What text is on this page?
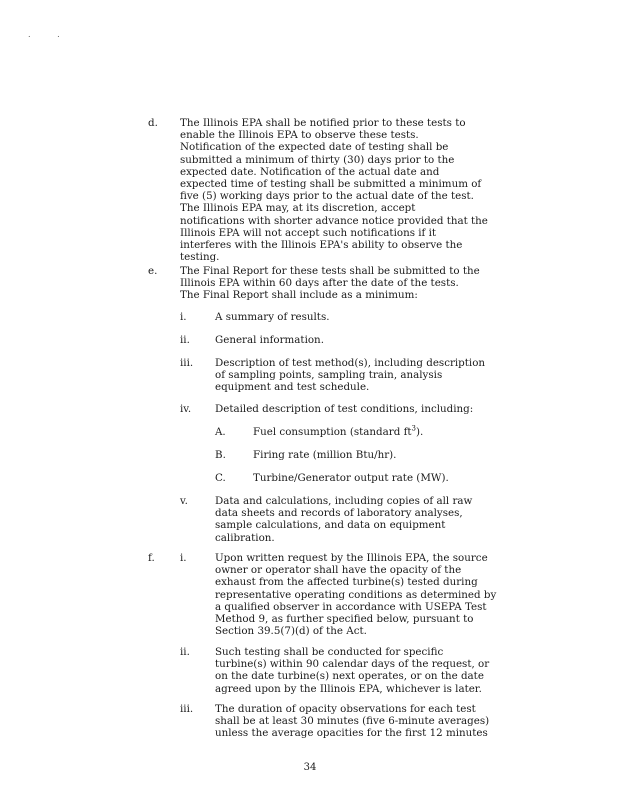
. .
d. The Illinois EPA shall be notified prior to these tests to
enable the Illinois EPA to observe these tests.
Notification of the expected date of testing shall be
submitted a minimum of thirty (30) days prior to the
expected date. Notification of the actual date and
expected time of testing shall be submitted a minimum of
five (5) working days prior to the actual date of the test.
The Illinois EPA may, at its discretion, accept
notifications with shorter advance notice provided that the
Illinois EPA will not accept such notifications if it
interferes with the Illinois EPA's ability to observe the
testing.
e. The Final Report for these tests shall be submitted to the
Illinois EPA within 60 days after the date of the tests.
The Final Report shall include as a minimum:
i.	A summary of results.
ii. General information.
iii. Description of test method(s), including description
of sampling points, sampling train, analysis
equipment and test schedule.
iv. Detailed description of test conditions, including:
A.	Fuel consumption (standard $ft^3$).
B.	Firing rate (million Btu/hr).
C.	Turbine/Generator output rate (MW).
v.	Data and calculations, including copies of all raw
data sheets and records of laboratory analyses,
sample calculations, and data on equipment
calibration.
f. i.	Upon written request by the Illinois EPA, the source
owner or operator shall have the opacity of the
exhaust from the affected turbine(s) tested during
representative operating conditions as determined by
a qualified observer in accordance with USEPA Test
Method 9, as further specified below, pursuant to
Section 39.5(7)(d) of the Act.
ii. Such testing shall be conducted for specific
turbine(s) within 90 calendar days of the request, or
on the date turbine(s) next operates, or on the date
agreed upon by the Illinois EPA, whichever is later.
iii. The duration of opacity observations for each test
shall be at least 30 minutes (five 6-minute averages)
unless the average opacities for the first 12 minutes
34
